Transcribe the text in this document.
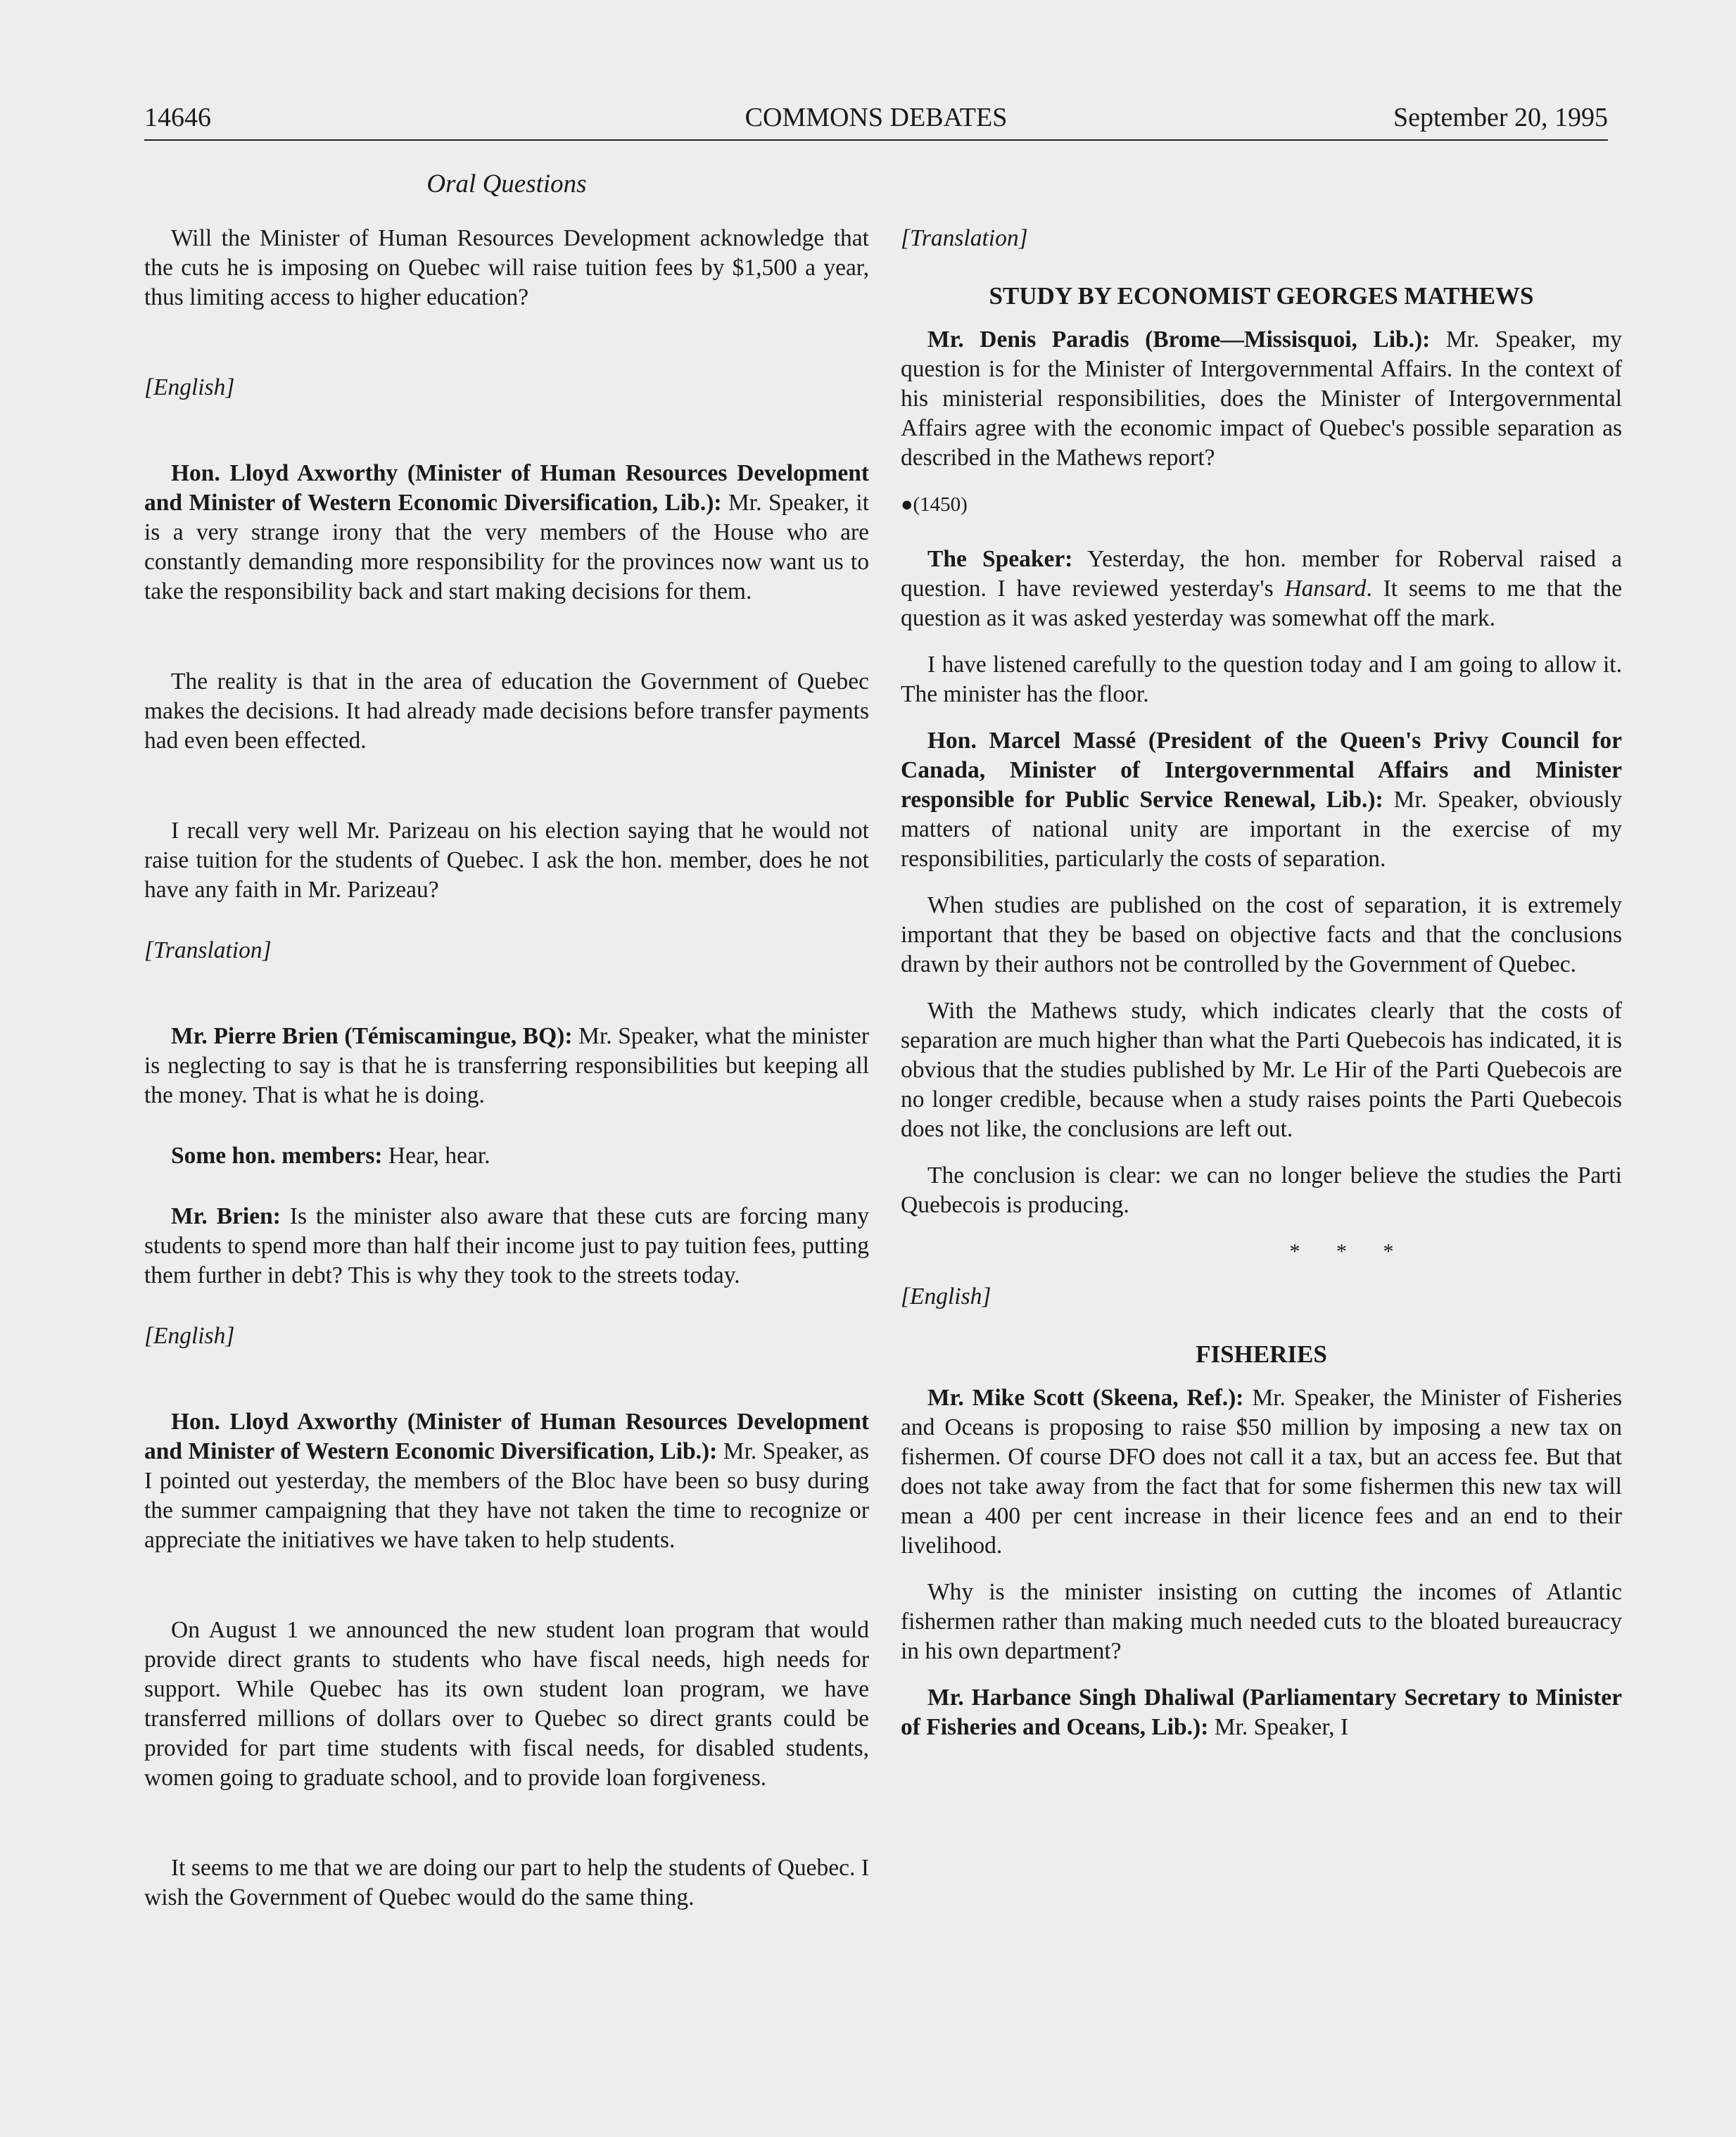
14646	COMMONS DEBATES	September 20, 1995
Oral Questions

Will the Minister of Human Resources Development acknowledge that the cuts he is imposing on Quebec will raise tuition fees by $1,500 a year, thus limiting access to higher education?

[English]

Hon. Lloyd Axworthy (Minister of Human Resources Development and Minister of Western Economic Diversification, Lib.): Mr. Speaker, it is a very strange irony that the very members of the House who are constantly demanding more responsibility for the provinces now want us to take the responsibility back and start making decisions for them.

The reality is that in the area of education the Government of Quebec makes the decisions. It had already made decisions before transfer payments had even been effected.

I recall very well Mr. Parizeau on his election saying that he would not raise tuition for the students of Quebec. I ask the hon. member, does he not have any faith in Mr. Parizeau?

[Translation]

Mr. Pierre Brien (Témiscamingue, BQ): Mr. Speaker, what the minister is neglecting to say is that he is transferring responsibilities but keeping all the money. That is what he is doing.

Some hon. members: Hear, hear.

Mr. Brien: Is the minister also aware that these cuts are forcing many students to spend more than half their income just to pay tuition fees, putting them further in debt? This is why they took to the streets today.

[English]

Hon. Lloyd Axworthy (Minister of Human Resources Development and Minister of Western Economic Diversification, Lib.): Mr. Speaker, as I pointed out yesterday, the members of the Bloc have been so busy during the summer campaigning that they have not taken the time to recognize or appreciate the initiatives we have taken to help students.

On August 1 we announced the new student loan program that would provide direct grants to students who have fiscal needs, high needs for support. While Quebec has its own student loan program, we have transferred millions of dollars over to Quebec so direct grants could be provided for part time students with fiscal needs, for disabled students, women going to graduate school, and to provide loan forgiveness.

It seems to me that we are doing our part to help the students of Quebec. I wish the Government of Quebec would do the same thing.

[Translation]

STUDY BY ECONOMIST GEORGES MATHEWS

Mr. Denis Paradis (Brome—Missisquoi, Lib.): Mr. Speaker, my question is for the Minister of Intergovernmental Affairs. In the context of his ministerial responsibilities, does the Minister of Intergovernmental Affairs agree with the economic impact of Quebec's possible separation as described in the Mathews report?

●(1450)

The Speaker: Yesterday, the hon. member for Roberval raised a question. I have reviewed yesterday's Hansard. It seems to me that the question as it was asked yesterday was somewhat off the mark.

I have listened carefully to the question today and I am going to allow it. The minister has the floor.

Hon. Marcel Massé (President of the Queen's Privy Council for Canada, Minister of Intergovernmental Affairs and Minister responsible for Public Service Renewal, Lib.): Mr. Speaker, obviously matters of national unity are important in the exercise of my responsibilities, particularly the costs of separation.

When studies are published on the cost of separation, it is extremely important that they be based on objective facts and that the conclusions drawn by their authors not be controlled by the Government of Quebec.

With the Mathews study, which indicates clearly that the costs of separation are much higher than what the Parti Quebecois has indicated, it is obvious that the studies published by Mr. Le Hir of the Parti Quebecois are no longer credible, because when a study raises points the Parti Quebecois does not like, the conclusions are left out.

The conclusion is clear: we can no longer believe the studies the Parti Quebecois is producing.

* * *

[English]

FISHERIES

Mr. Mike Scott (Skeena, Ref.): Mr. Speaker, the Minister of Fisheries and Oceans is proposing to raise $50 million by imposing a new tax on fishermen. Of course DFO does not call it a tax, but an access fee. But that does not take away from the fact that for some fishermen this new tax will mean a 400 per cent increase in their licence fees and an end to their livelihood.

Why is the minister insisting on cutting the incomes of Atlantic fishermen rather than making much needed cuts to the bloated bureaucracy in his own department?

Mr. Harbance Singh Dhaliwal (Parliamentary Secretary to Minister of Fisheries and Oceans, Lib.): Mr. Speaker, I
